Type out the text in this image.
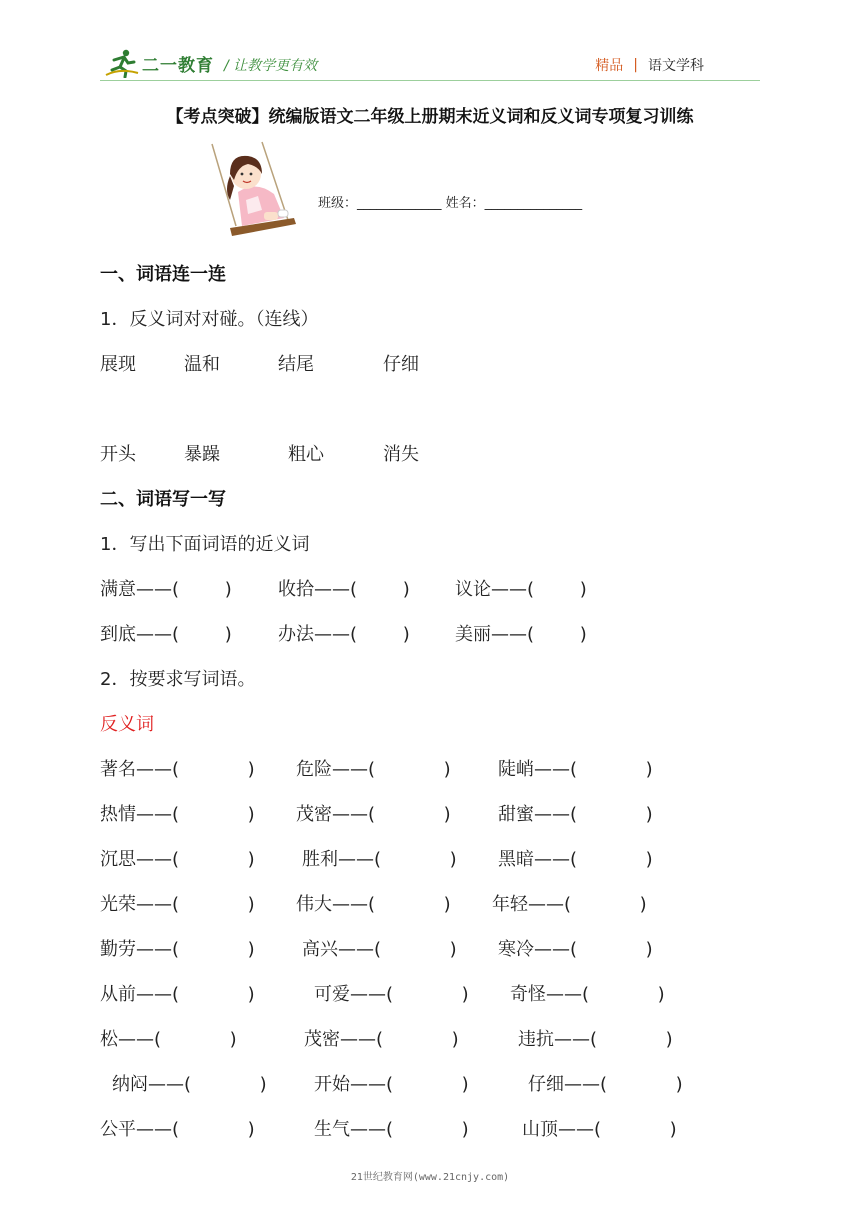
二一教育 / 让教学更有效	精品 | 语文学科
【考点突破】统编版语文二年级上册期末近义词和反义词专项复习训练
班级：_____________ 姓名：_______________
一、词语连一连
1．反义词对对碰。（连线）
展现	温和	结尾	仔细
开头	暴躁	粗心	消失
二、词语写一写
1．写出下面词语的近义词
满意——(        )	收拾——(        )	议论——(        )
到底——(        )	办法——(        )	美丽——(        )
2．按要求写词语。
反义词
著名——(            ) 危险——(            )	陡峭——(            )
热情——(            ) 茂密——(            )	甜蜜——(            )
沉思——(            )	胜利——(            ) 黑暗——(            )
光荣——(            ) 伟大——(            ) 年轻——(            )
勤劳——(            )	高兴——(            ) 寒冷——(            )
从前——(            )	可爱——(            ) 奇怪——(            )
松——(            )	茂密——(            )	违抗——(            )
纳闷——(            )	开始——(            )	仔细——(            )
公平——(            )	生气——(            )	山顶——(            )
21世纪教育网(www.21cnjy.com)
